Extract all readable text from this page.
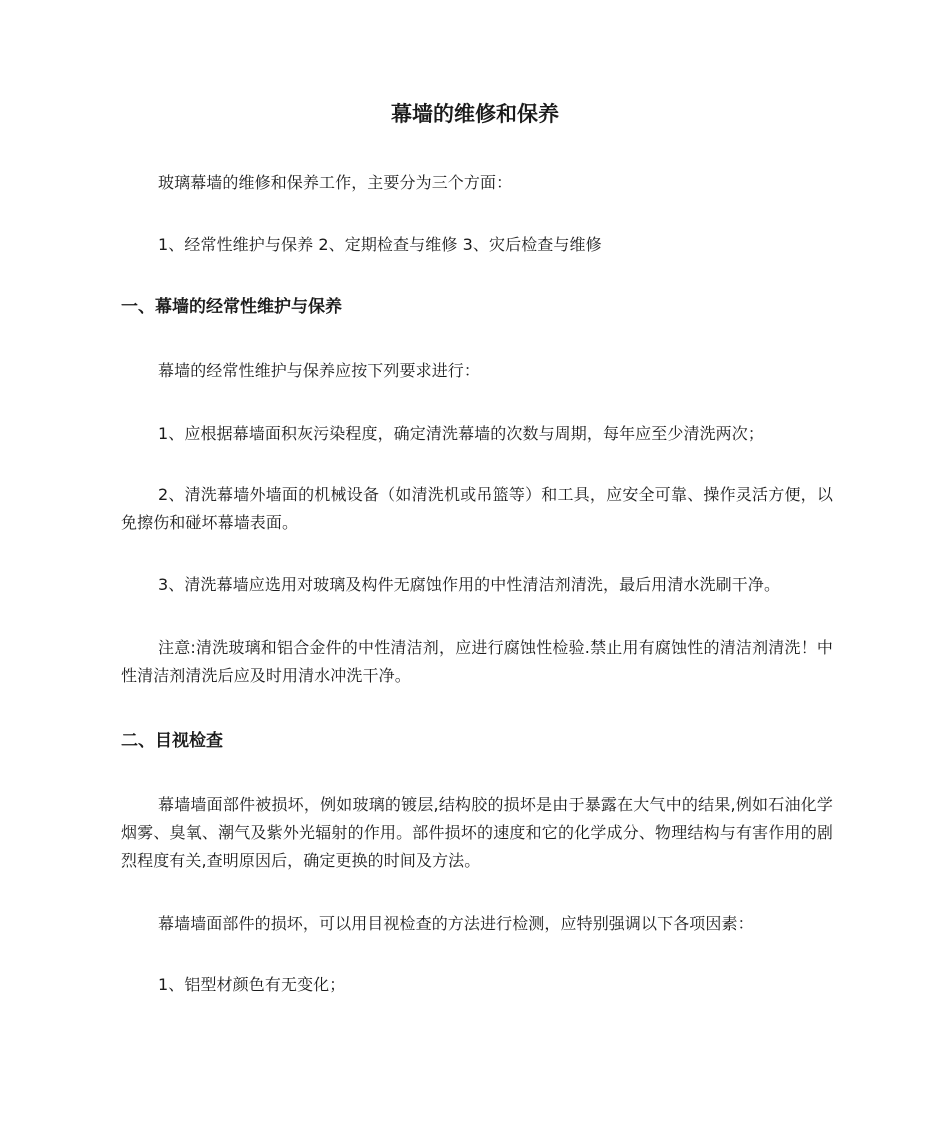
幕墙的维修和保养

玻璃幕墙的维修和保养工作，主要分为三个方面：

1、经常性维护与保养 2、定期检查与维修 3、灾后检查与维修

一、幕墙的经常性维护与保养

幕墙的经常性维护与保养应按下列要求进行：

1、应根据幕墙面积灰污染程度，确定清洗幕墙的次数与周期，每年应至少清洗两次；

2、清洗幕墙外墙面的机械设备（如清洗机或吊篮等）和工具，应安全可靠、操作灵活方便，以免擦伤和碰坏幕墙表面。

3、清洗幕墙应选用对玻璃及构件无腐蚀作用的中性清洁剂清洗，最后用清水洗刷干净。

注意:清洗玻璃和铝合金件的中性清洁剂，应进行腐蚀性检验.禁止用有腐蚀性的清洁剂清洗！中性清洁剂清洗后应及时用清水冲洗干净。

二、目视检查

幕墙墙面部件被损坏，例如玻璃的镀层,结构胶的损坏是由于暴露在大气中的结果,例如石油化学烟雾、臭氧、潮气及紫外光辐射的作用。部件损坏的速度和它的化学成分、物理结构与有害作用的剧烈程度有关,查明原因后，确定更换的时间及方法。

幕墙墙面部件的损坏，可以用目视检查的方法进行检测，应特别强调以下各项因素：

1、铝型材颜色有无变化；
